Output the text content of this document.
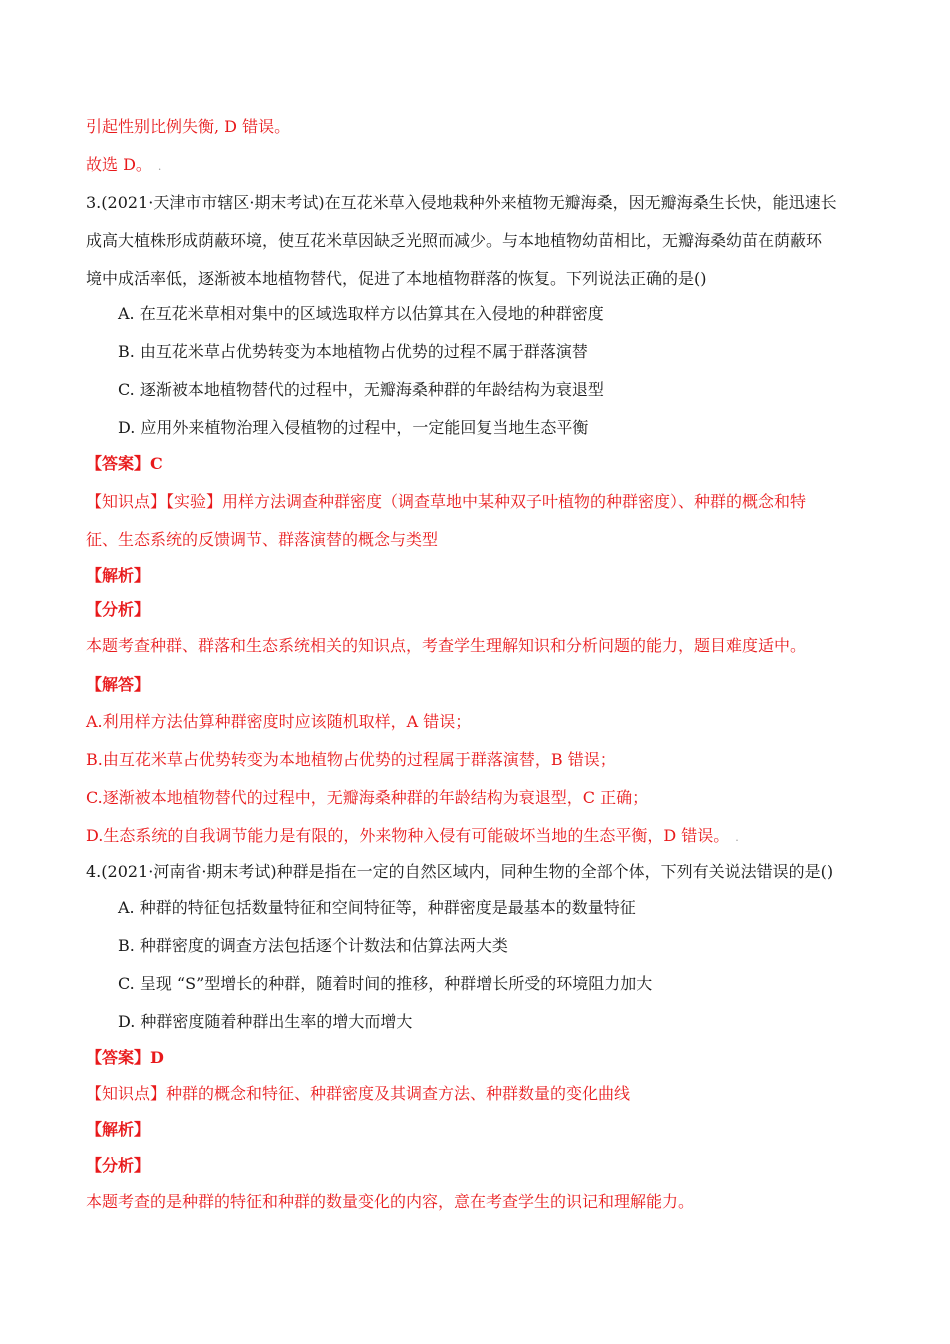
引起性别比例失衡, D 错误。
故选 D。 .
3.(2021·天津市市辖区·期末考试)在互花米草入侵地栽种外来植物无瓣海桑，因无瓣海桑生长快，能迅速长
成高大植株形成荫蔽环境，使互花米草因缺乏光照而减少。与本地植物幼苗相比，无瓣海桑幼苗在荫蔽环
境中成活率低，逐渐被本地植物替代，促进了本地植物群落的恢复。下列说法正确的是()
A. 在互花米草相对集中的区域选取样方以估算其在入侵地的种群密度
B. 由互花米草占优势转变为本地植物占优势的过程不属于群落演替
C. 逐渐被本地植物替代的过程中，无瓣海桑种群的年龄结构为衰退型
D. 应用外来植物治理入侵植物的过程中，一定能回复当地生态平衡
【答案】C
【知识点】【实验】用样方法调查种群密度（调查草地中某种双子叶植物的种群密度）、种群的概念和特
征、生态系统的反馈调节、群落演替的概念与类型
【解析】
【分析】
本题考查种群、群落和生态系统相关的知识点，考查学生理解知识和分析问题的能力，题目难度适中。
【解答】
A.利用样方法估算种群密度时应该随机取样，A 错误；
B.由互花米草占优势转变为本地植物占优势的过程属于群落演替，B 错误；
C.逐渐被本地植物替代的过程中，无瓣海桑种群的年龄结构为衰退型，C 正确；
D.生态系统的自我调节能力是有限的，外来物种入侵有可能破坏当地的生态平衡，D 错误。 .
4.(2021·河南省·期末考试)种群是指在一定的自然区域内，同种生物的全部个体，下列有关说法错误的是()
A. 种群的特征包括数量特征和空间特征等，种群密度是最基本的数量特征
B. 种群密度的调查方法包括逐个计数法和估算法两大类
C. 呈现 “S”型增长的种群，随着时间的推移，种群增长所受的环境阻力加大
D. 种群密度随着种群出生率的增大而增大
【答案】D
【知识点】种群的概念和特征、种群密度及其调查方法、种群数量的变化曲线
【解析】
【分析】
本题考查的是种群的特征和种群的数量变化的内容，意在考查学生的识记和理解能力。
